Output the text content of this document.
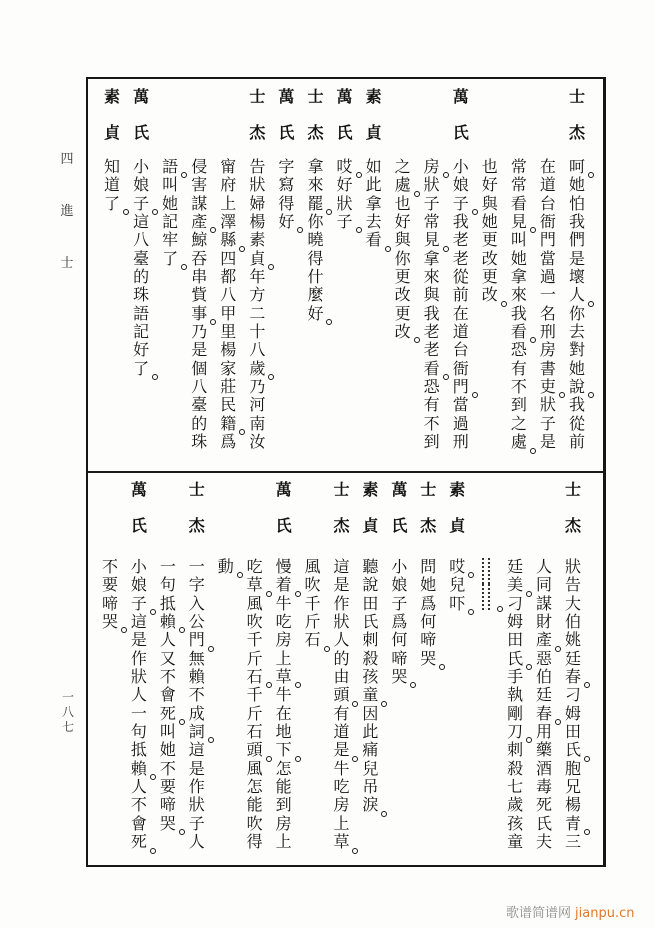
四
進
士
一
八
七
士
杰
呵
她
怕
我
們
是
壞
人
你
去
對
她
說
我
從
前
在
道
台
衙
門
當
過
一
名
刑
房
書
吏
狀
子
是
常
常
看
見
叫
她
拿
來
我
看
恐
有
不
到
之
處
也
好
與
她
更
改
更
改
萬
氏
小
娘
子
我
老
老
從
前
在
道
台
衙
門
當
過
刑
房
狀
子
常
見
拿
來
與
我
老
老
看
恐
有
不
到
之
處
也
好
與
你
更
改
更
改
素
貞
如
此
拿
去
看
萬
氏
哎
好
狀
子
士
杰
拿
來
罷
你
曉
得
什
麼
好
萬
氏
字
寫
得
好
士
杰
告
狀
婦
楊
素
貞
年
方
二
十
八
歲
乃
河
南
汝
甯
府
上
澤
縣
四
都
八
甲
里
楊
家
莊
民
籍
爲
侵
害
謀
產
鯨
吞
串
貲
事
乃
是
個
八
臺
的
珠
語
叫
她
記
牢
了
萬
氏
小
娘
子
這
八
臺
的
珠
語
記
好
了
素
貞
知
道
了
士
杰
狀
告
大
伯
姚
廷
春
刁
姆
田
氏
胞
兄
楊
青
三
人
同
謀
財
產
惡
伯
廷
春
用
藥
酒
毒
死
氏
夫
廷
美
刁
姆
田
氏
手
執
剛
刀
刺
殺
七
歲
孩
童
素
貞
哎
兒
吓
士
杰
問
她
爲
何
啼
哭
萬
氏
小
娘
子
爲
何
啼
哭
素
貞
聽
說
田
氏
刺
殺
孩
童
因
此
痛
兒
吊
淚
士
杰
這
是
作
狀
人
的
由
頭
有
道
是
牛
吃
房
上
草
風
吹
千
斤
石
萬
氏
慢
着
牛
吃
房
上
草
牛
在
地
下
怎
能
到
房
上
吃
草
風
吹
千
斤
石
千
斤
石
頭
風
怎
能
吹
得
動
士
杰
一
字
入
公
門
無
賴
不
成
詞
這
是
作
狀
子
人
一
句
抵
賴
人
又
不
會
死
叫
她
不
要
啼
哭
萬
氏
小
娘
子
這
是
作
狀
人
一
句
抵
賴
人
不
會
死
不
要
啼
哭
歌谱简谱网 jianpu.cn
